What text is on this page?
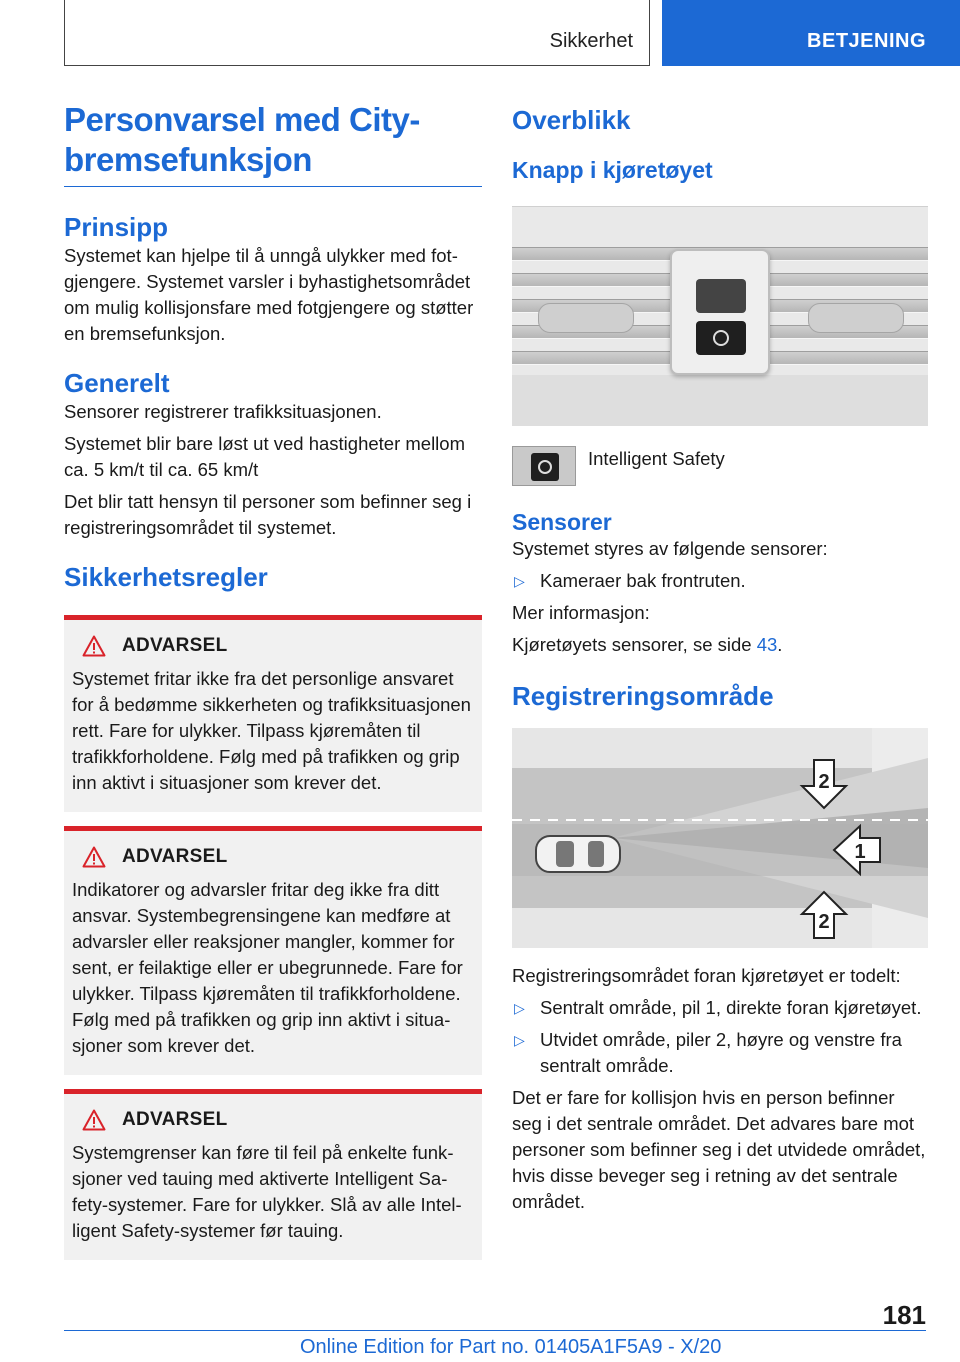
Sikkerhet	BETJENING
Personvarsel med City-
bremsefunksjon
Prinsipp

Systemet kan hjelpe til å unngå ulykker med fotgjengere. Systemet varsler i byhastighetsområdet om mulig kollisjonsfare med fotgjengere og støtter en bremsefunksjon.

Generelt

Sensorer registrerer trafikksituasjonen.

Systemet blir bare løst ut ved hastigheter mellom ca. 5 km/t til ca. 65 km/t

Det blir tatt hensyn til personer som befinner seg i registreringsområdet til systemet.

Sikkerhetsregler
ADVARSEL

Systemet fritar ikke fra det personlige ansvaret for å bedømme sikkerheten og trafikksituasjonen rett. Fare for ulykker. Tilpass kjøremåten til trafikkforholdene. Følg med på trafikken og grip inn aktivt i situasjoner som krever det.

ADVARSEL

Indikatorer og advarsler fritar deg ikke fra ditt ansvar. Systembegrensingene kan medføre at advarsler eller reaksjoner mangler, kommer for sent, er feilaktige eller er ubegrunnede. Fare for ulykker. Tilpass kjøremåten til trafikkforholdene. Følg med på trafikken og grip inn aktivt i situasjoner som krever det.

ADVARSEL

Systemgrenser kan føre til feil på enkelte funksjoner ved tauing med aktiverte Intelligent Safety-systemer. Fare for ulykker. Slå av alle Intelligent Safety-systemer før tauing.

Overblikk
Knapp i kjøretøyet
Intelligent Safety
Sensorer

Systemet styres av følgende sensorer:

▷ Kameraer bak frontruten.

Mer informasjon:

Kjøretøyets sensorer, se side 43.

Registreringsområde
1
2
2

Registreringsområdet foran kjøretøyet er todelt:

▷ Sentralt område, pil 1, direkte foran kjøretøyet.
▷ Utvidet område, piler 2, høyre og venstre fra sentralt område.

Det er fare for kollisjon hvis en person befinner seg i det sentrale området. Det advares bare mot personer som befinner seg i det utvidede området, hvis disse beveger seg i retning av det sentrale området.

181
Online Edition for Part no. 01405A1F5A9 - X/20
